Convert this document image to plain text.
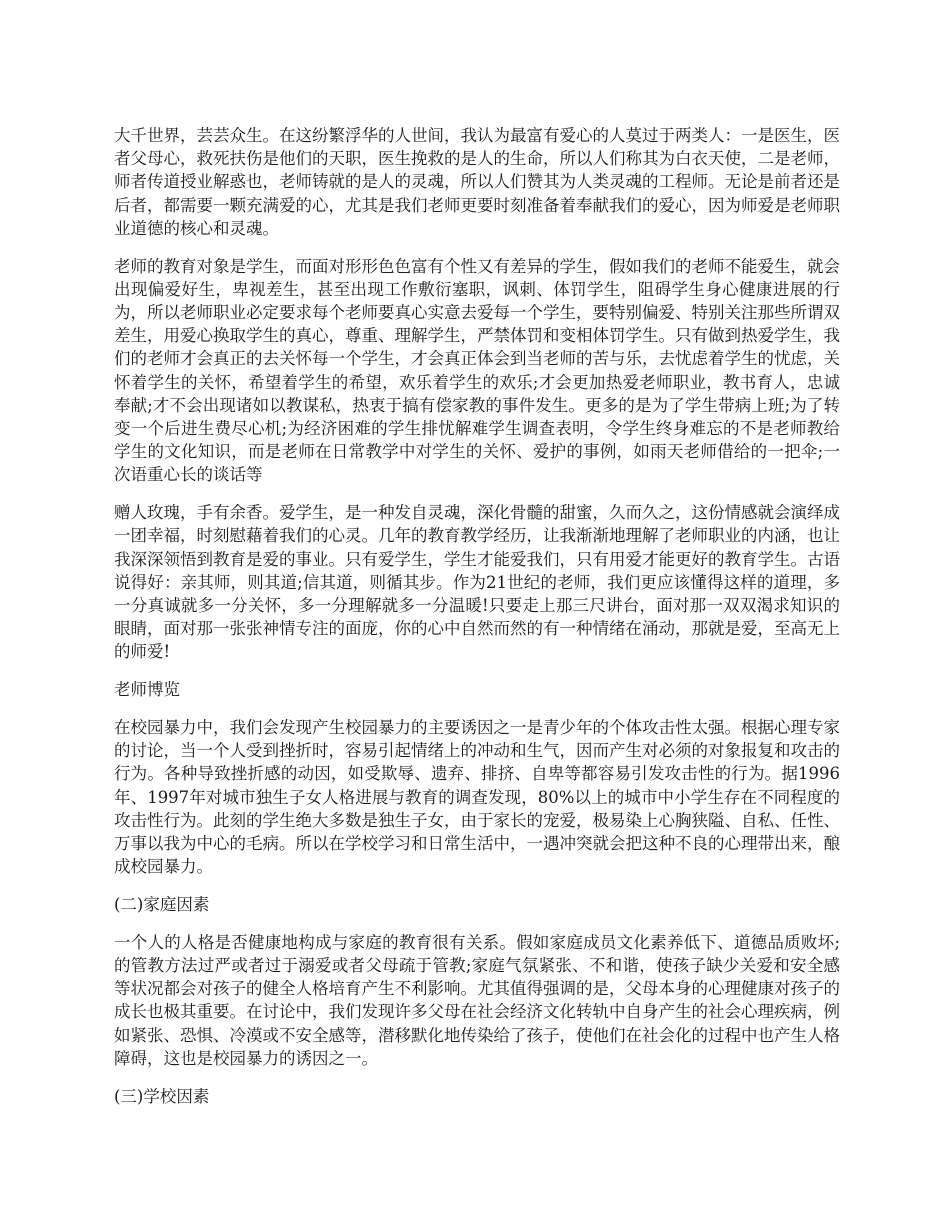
大千世界，芸芸众生。在这纷繁浮华的人世间，我认为最富有爱心的人莫过于两类人：一是医生，医者父母心，救死扶伤是他们的天职，医生挽救的是人的生命，所以人们称其为白衣天使，二是老师，师者传道授业解惑也，老师铸就的是人的灵魂，所以人们赞其为人类灵魂的工程师。无论是前者还是后者，都需要一颗充满爱的心，尤其是我们老师更要时刻准备着奉献我们的爱心，因为师爱是老师职业道德的核心和灵魂。

老师的教育对象是学生，而面对形形色色富有个性又有差异的学生，假如我们的老师不能爱生，就会出现偏爱好生，卑视差生，甚至出现工作敷衍塞职，讽刺、体罚学生，阻碍学生身心健康进展的行为，所以老师职业必定要求每个老师要真心实意去爱每一个学生，要特别偏爱、特别关注那些所谓双差生，用爱心换取学生的真心，尊重、理解学生，严禁体罚和变相体罚学生。只有做到热爱学生，我们的老师才会真正的去关怀每一个学生，才会真正体会到当老师的苦与乐，去忧虑着学生的忧虑，关怀着学生的关怀，希望着学生的希望，欢乐着学生的欢乐;才会更加热爱老师职业，教书育人，忠诚奉献;才不会出现诸如以教谋私，热衷于搞有偿家教的事件发生。更多的是为了学生带病上班;为了转变一个后进生费尽心机;为经济困难的学生排忧解难学生调查表明，令学生终身难忘的不是老师教给学生的文化知识，而是老师在日常教学中对学生的关怀、爱护的事例，如雨天老师借给的一把伞;一次语重心长的谈话等

赠人玫瑰，手有余香。爱学生，是一种发自灵魂，深化骨髓的甜蜜，久而久之，这份情感就会演绎成一团幸福，时刻慰藉着我们的心灵。几年的教育教学经历，让我渐渐地理解了老师职业的内涵，也让我深深领悟到教育是爱的事业。只有爱学生，学生才能爱我们，只有用爱才能更好的教育学生。古语说得好：亲其师，则其道;信其道，则循其步。作为21世纪的老师，我们更应该懂得这样的道理，多一分真诚就多一分关怀，多一分理解就多一分温暖!只要走上那三尺讲台，面对那一双双渴求知识的眼睛，面对那一张张神情专注的面庞，你的心中自然而然的有一种情绪在涌动，那就是爱，至高无上的师爱!

老师博览

在校园暴力中，我们会发现产生校园暴力的主要诱因之一是青少年的个体攻击性太强。根据心理专家的讨论，当一个人受到挫折时，容易引起情绪上的冲动和生气，因而产生对必须的对象报复和攻击的行为。各种导致挫折感的动因，如受欺辱、遗弃、排挤、自卑等都容易引发攻击性的行为。据1996年、1997年对城市独生子女人格进展与教育的调查发现，80%以上的城市中小学生存在不同程度的攻击性行为。此刻的学生绝大多数是独生子女，由于家长的宠爱，极易染上心胸狭隘、自私、任性、万事以我为中心的毛病。所以在学校学习和日常生活中，一遇冲突就会把这种不良的心理带出来，酿成校园暴力。

(二)家庭因素

一个人的人格是否健康地构成与家庭的教育很有关系。假如家庭成员文化素养低下、道德品质败坏;的管教方法过严或者过于溺爱或者父母疏于管教;家庭气氛紧张、不和谐，使孩子缺少关爱和安全感等状况都会对孩子的健全人格培育产生不利影响。尤其值得强调的是，父母本身的心理健康对孩子的成长也极其重要。在讨论中，我们发现许多父母在社会经济文化转轨中自身产生的社会心理疾病，例如紧张、恐惧、冷漠或不安全感等，潜移默化地传染给了孩子，使他们在社会化的过程中也产生人格障碍，这也是校园暴力的诱因之一。

(三)学校因素
